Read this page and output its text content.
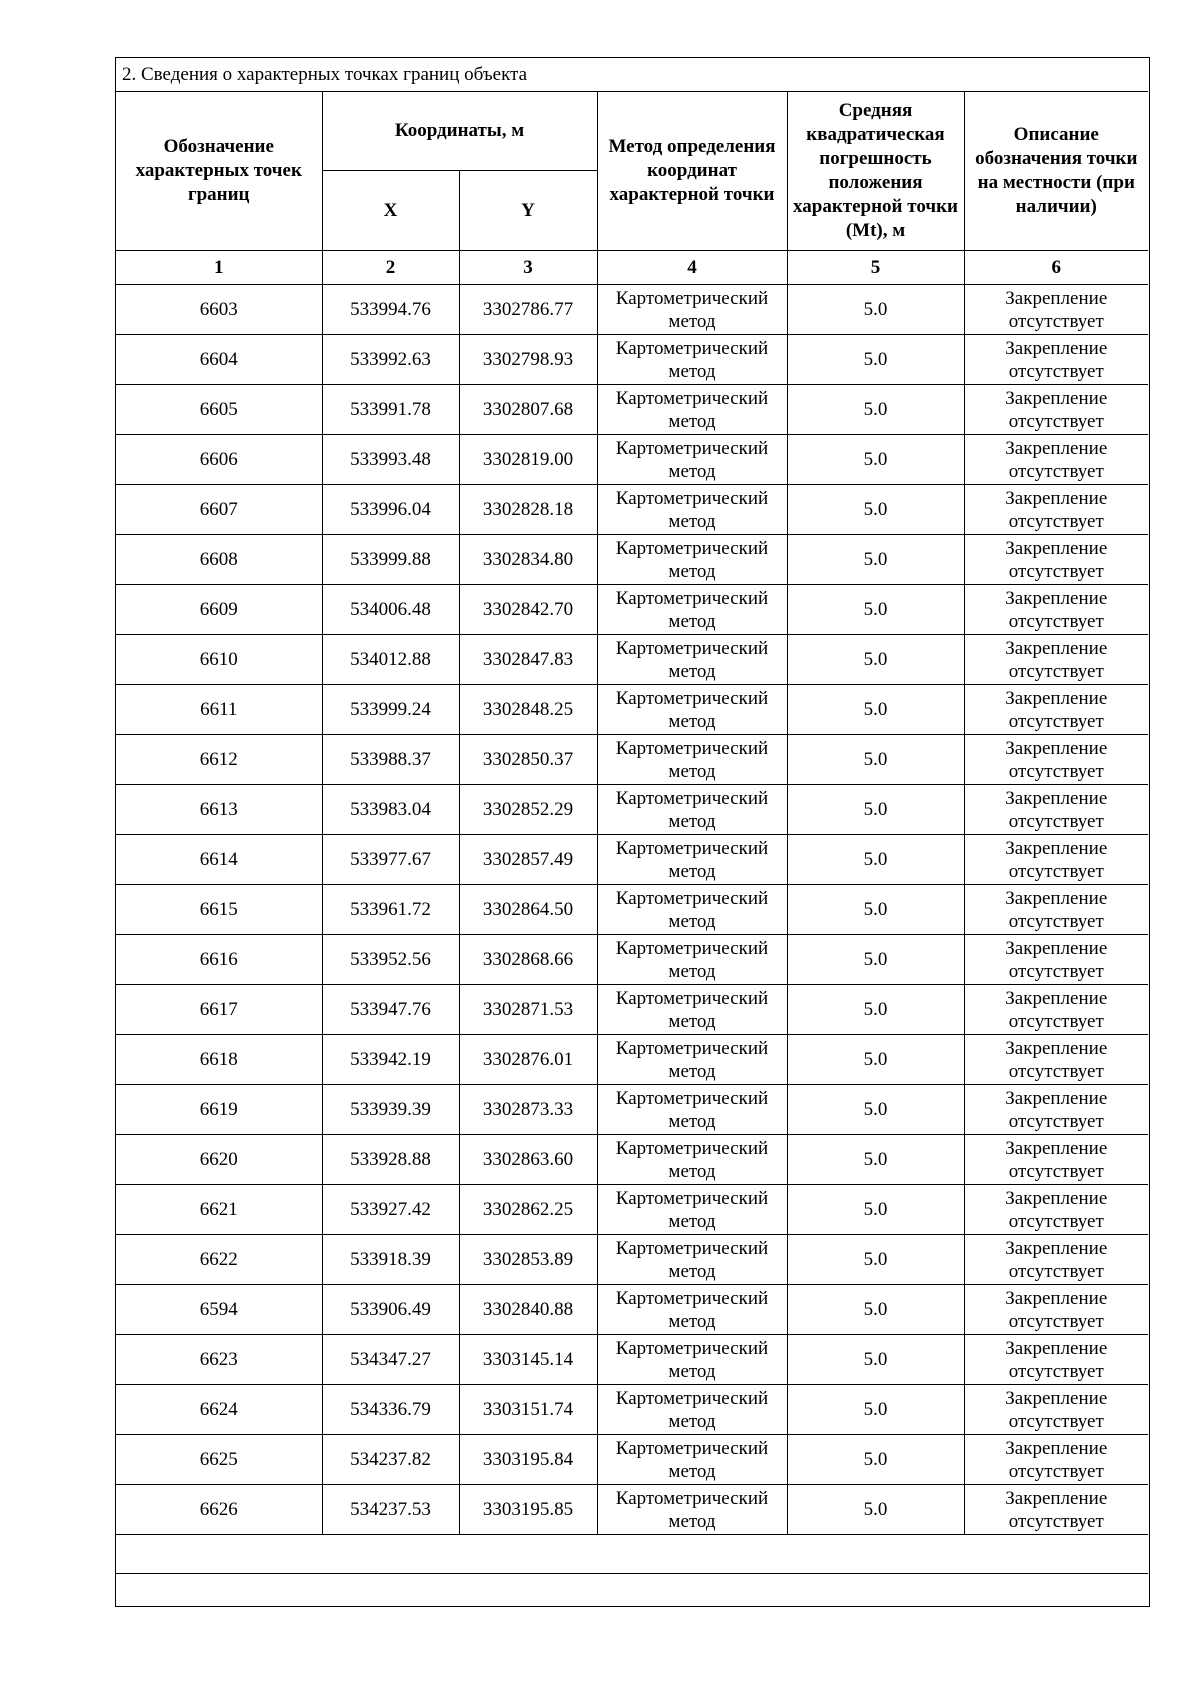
2. Сведения о характерных точках границ объекта					
Обозначение характерных точек границ	Координаты, м		Метод определения координат характерной точки	Средняя квадратическая погрешность положения характерной точки (Mt), м	Описание обозначения точки на местности (при наличии)
	X	Y			
1	2	3	4	5	6
6603	533994.76	3302786.77	Картометрический метод	5.0	Закрепление отсутствует
6604	533992.63	3302798.93	Картометрический метод	5.0	Закрепление отсутствует
6605	533991.78	3302807.68	Картометрический метод	5.0	Закрепление отсутствует
6606	533993.48	3302819.00	Картометрический метод	5.0	Закрепление отсутствует
6607	533996.04	3302828.18	Картометрический метод	5.0	Закрепление отсутствует
6608	533999.88	3302834.80	Картометрический метод	5.0	Закрепление отсутствует
6609	534006.48	3302842.70	Картометрический метод	5.0	Закрепление отсутствует
6610	534012.88	3302847.83	Картометрический метод	5.0	Закрепление отсутствует
6611	533999.24	3302848.25	Картометрический метод	5.0	Закрепление отсутствует
6612	533988.37	3302850.37	Картометрический метод	5.0	Закрепление отсутствует
6613	533983.04	3302852.29	Картометрический метод	5.0	Закрепление отсутствует
6614	533977.67	3302857.49	Картометрический метод	5.0	Закрепление отсутствует
6615	533961.72	3302864.50	Картометрический метод	5.0	Закрепление отсутствует
6616	533952.56	3302868.66	Картометрический метод	5.0	Закрепление отсутствует
6617	533947.76	3302871.53	Картометрический метод	5.0	Закрепление отсутствует
6618	533942.19	3302876.01	Картометрический метод	5.0	Закрепление отсутствует
6619	533939.39	3302873.33	Картометрический метод	5.0	Закрепление отсутствует
6620	533928.88	3302863.60	Картометрический метод	5.0	Закрепление отсутствует
6621	533927.42	3302862.25	Картометрический метод	5.0	Закрепление отсутствует
6622	533918.39	3302853.89	Картометрический метод	5.0	Закрепление отсутствует
6594	533906.49	3302840.88	Картометрический метод	5.0	Закрепление отсутствует
6623	534347.27	3303145.14	Картометрический метод	5.0	Закрепление отсутствует
6624	534336.79	3303151.74	Картометрический метод	5.0	Закрепление отсутствует
6625	534237.82	3303195.84	Картометрический метод	5.0	Закрепление отсутствует
6626	534237.53	3303195.85	Картометрический метод	5.0	Закрепление отсутствует
